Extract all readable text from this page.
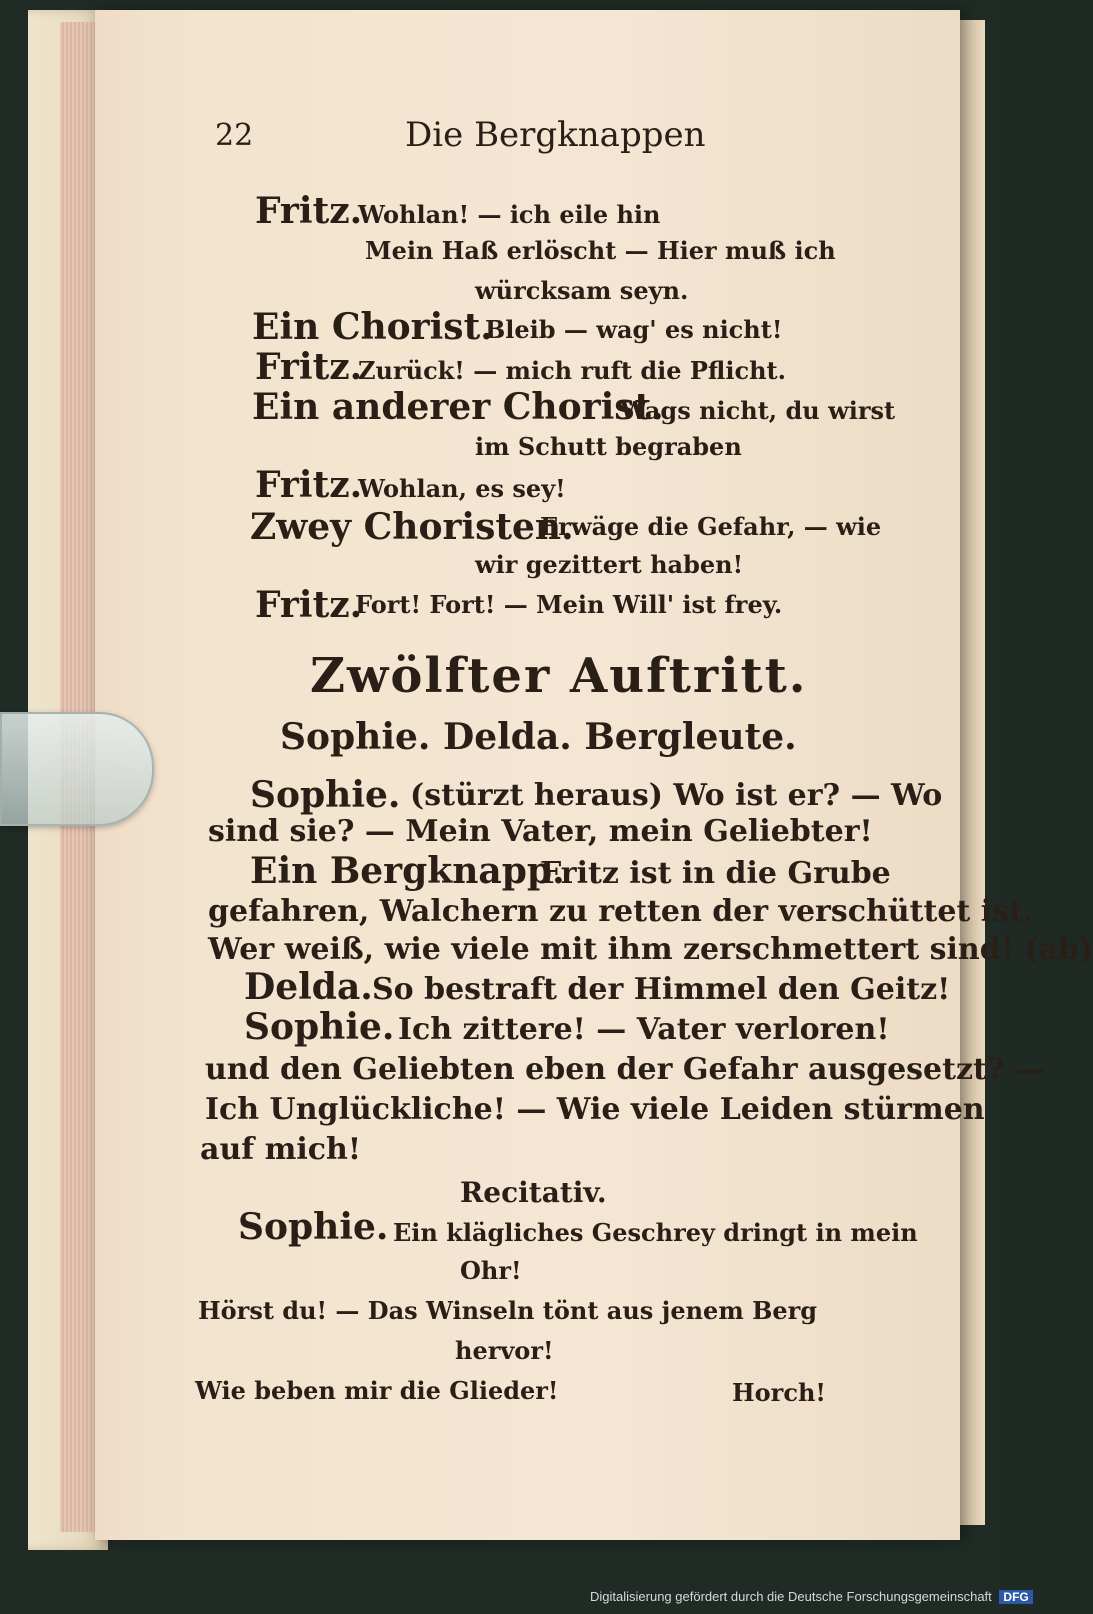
22	Die Bergknappen
Fritz.
Wohlan! — ich eile hin
Mein Haß erlöscht — Hier muß ich
würcksam seyn.
Ein Chorist.
Bleib — wag' es nicht!
Fritz.
Zurück! — mich ruft die Pflicht.
Ein anderer Chorist.
Wags nicht, du wirst
im Schutt begraben
Fritz.
Wohlan, es sey!
Zwey Choristen.
Erwäge die Gefahr, — wie
wir gezittert haben!
Fritz.
Fort! Fort! — Mein Will' ist frey.
Zwölfter Auftritt.
Sophie. Delda. Bergleute.
Sophie. (stürzt heraus) Wo ist er? — Wo
sind sie? — Mein Vater, mein Geliebter!
Ein Bergknapp.
Fritz ist in die Grube
gefahren, Walchern zu retten der verschüttet ist.
Wer weiß, wie viele mit ihm zerschmettert sind! (ab)
Delda. So bestraft der Himmel den Geitz!
Sophie. Ich zittere! — Vater verloren!
und den Geliebten eben der Gefahr ausgesetzt? —
Ich Unglückliche! — Wie viele Leiden stürmen
auf mich!
Recitativ.
Sophie. Ein klägliches Geschrey dringt in mein
Ohr!
Hörst du! — Das Winseln tönt aus jenem Berg
hervor!
Wie beben mir die Glieder!	Horch!
Digitalisierung gefördert durch die Deutsche Forschungsgemeinschaft DFG
